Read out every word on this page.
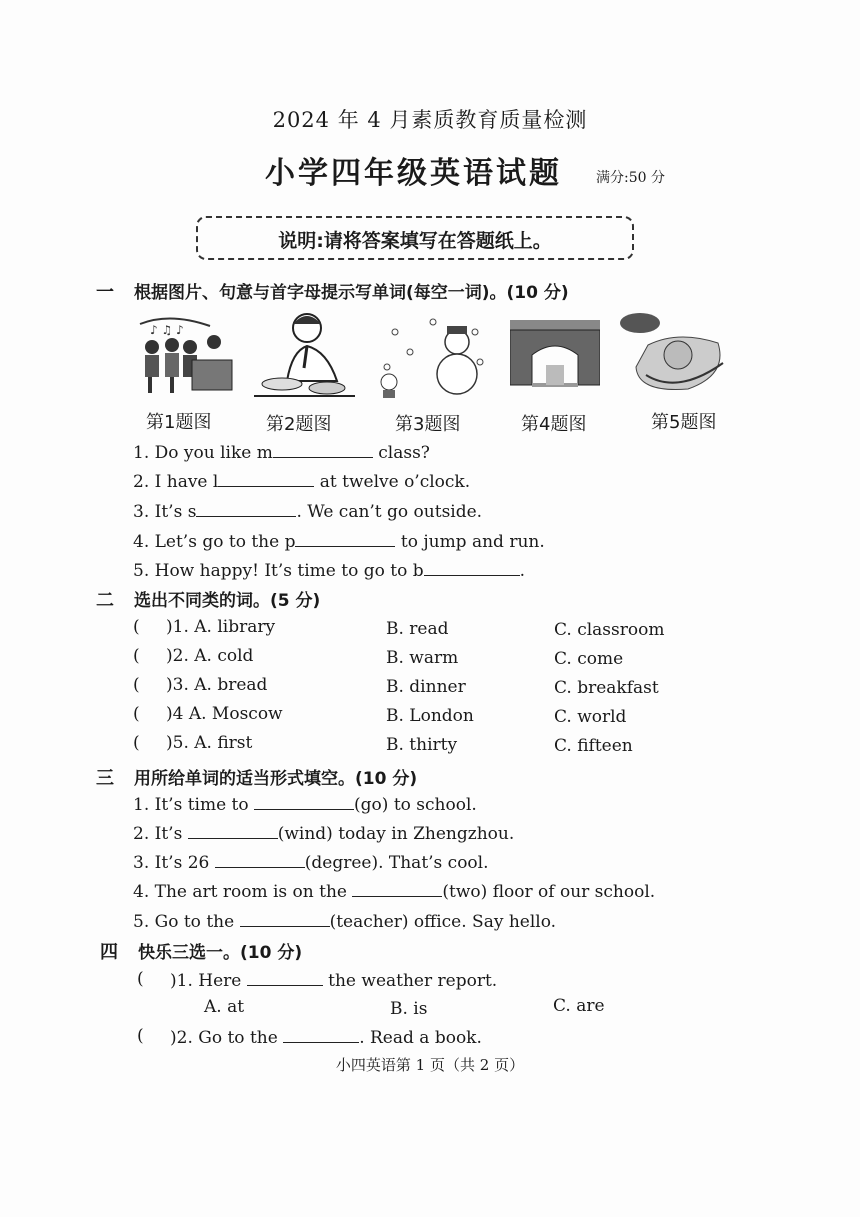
2024 年 4 月素质教育质量检测
小学四年级英语试题 满分:50 分
说明:请将答案填写在答题纸上。
一 根据图片、句意与首字母提示写单词(每空一词)。(10 分)
♪ ♫ ♪
第1题图	第2题图	第3题图	第4题图	第5题图
1. Do you like m	class?
2. I have l	at twelve o’clock.
3. It’s s	. We can’t go outside.
4. Let’s go to the p	to jump and run.
5. How happy! It’s time to go to b	.
二 选出不同类的词。(5 分)
( )1. A. library	B. read	C. classroom
( )2. A. cold	B. warm	C. come
( )3. A. bread	B. dinner	C. breakfast
( )4 A. Moscow	B. London	C. world
( )5. A. first	B. thirty	C. fifteen
三 用所给单词的适当形式填空。(10 分)
1. It’s time to	(go) to school.
2. It’s	(wind) today in Zhengzhou.
3. It’s 26	(degree). That’s cool.
4. The art room is on the	(two) floor of our school.
5. Go to the	(teacher) office. Say hello.
四 快乐三选一。(10 分)
( )1. Here	the weather report.
A. at	B. is	C. are
( )2. Go to the	. Read a book.
小四英语第 1 页（共 2 页）
